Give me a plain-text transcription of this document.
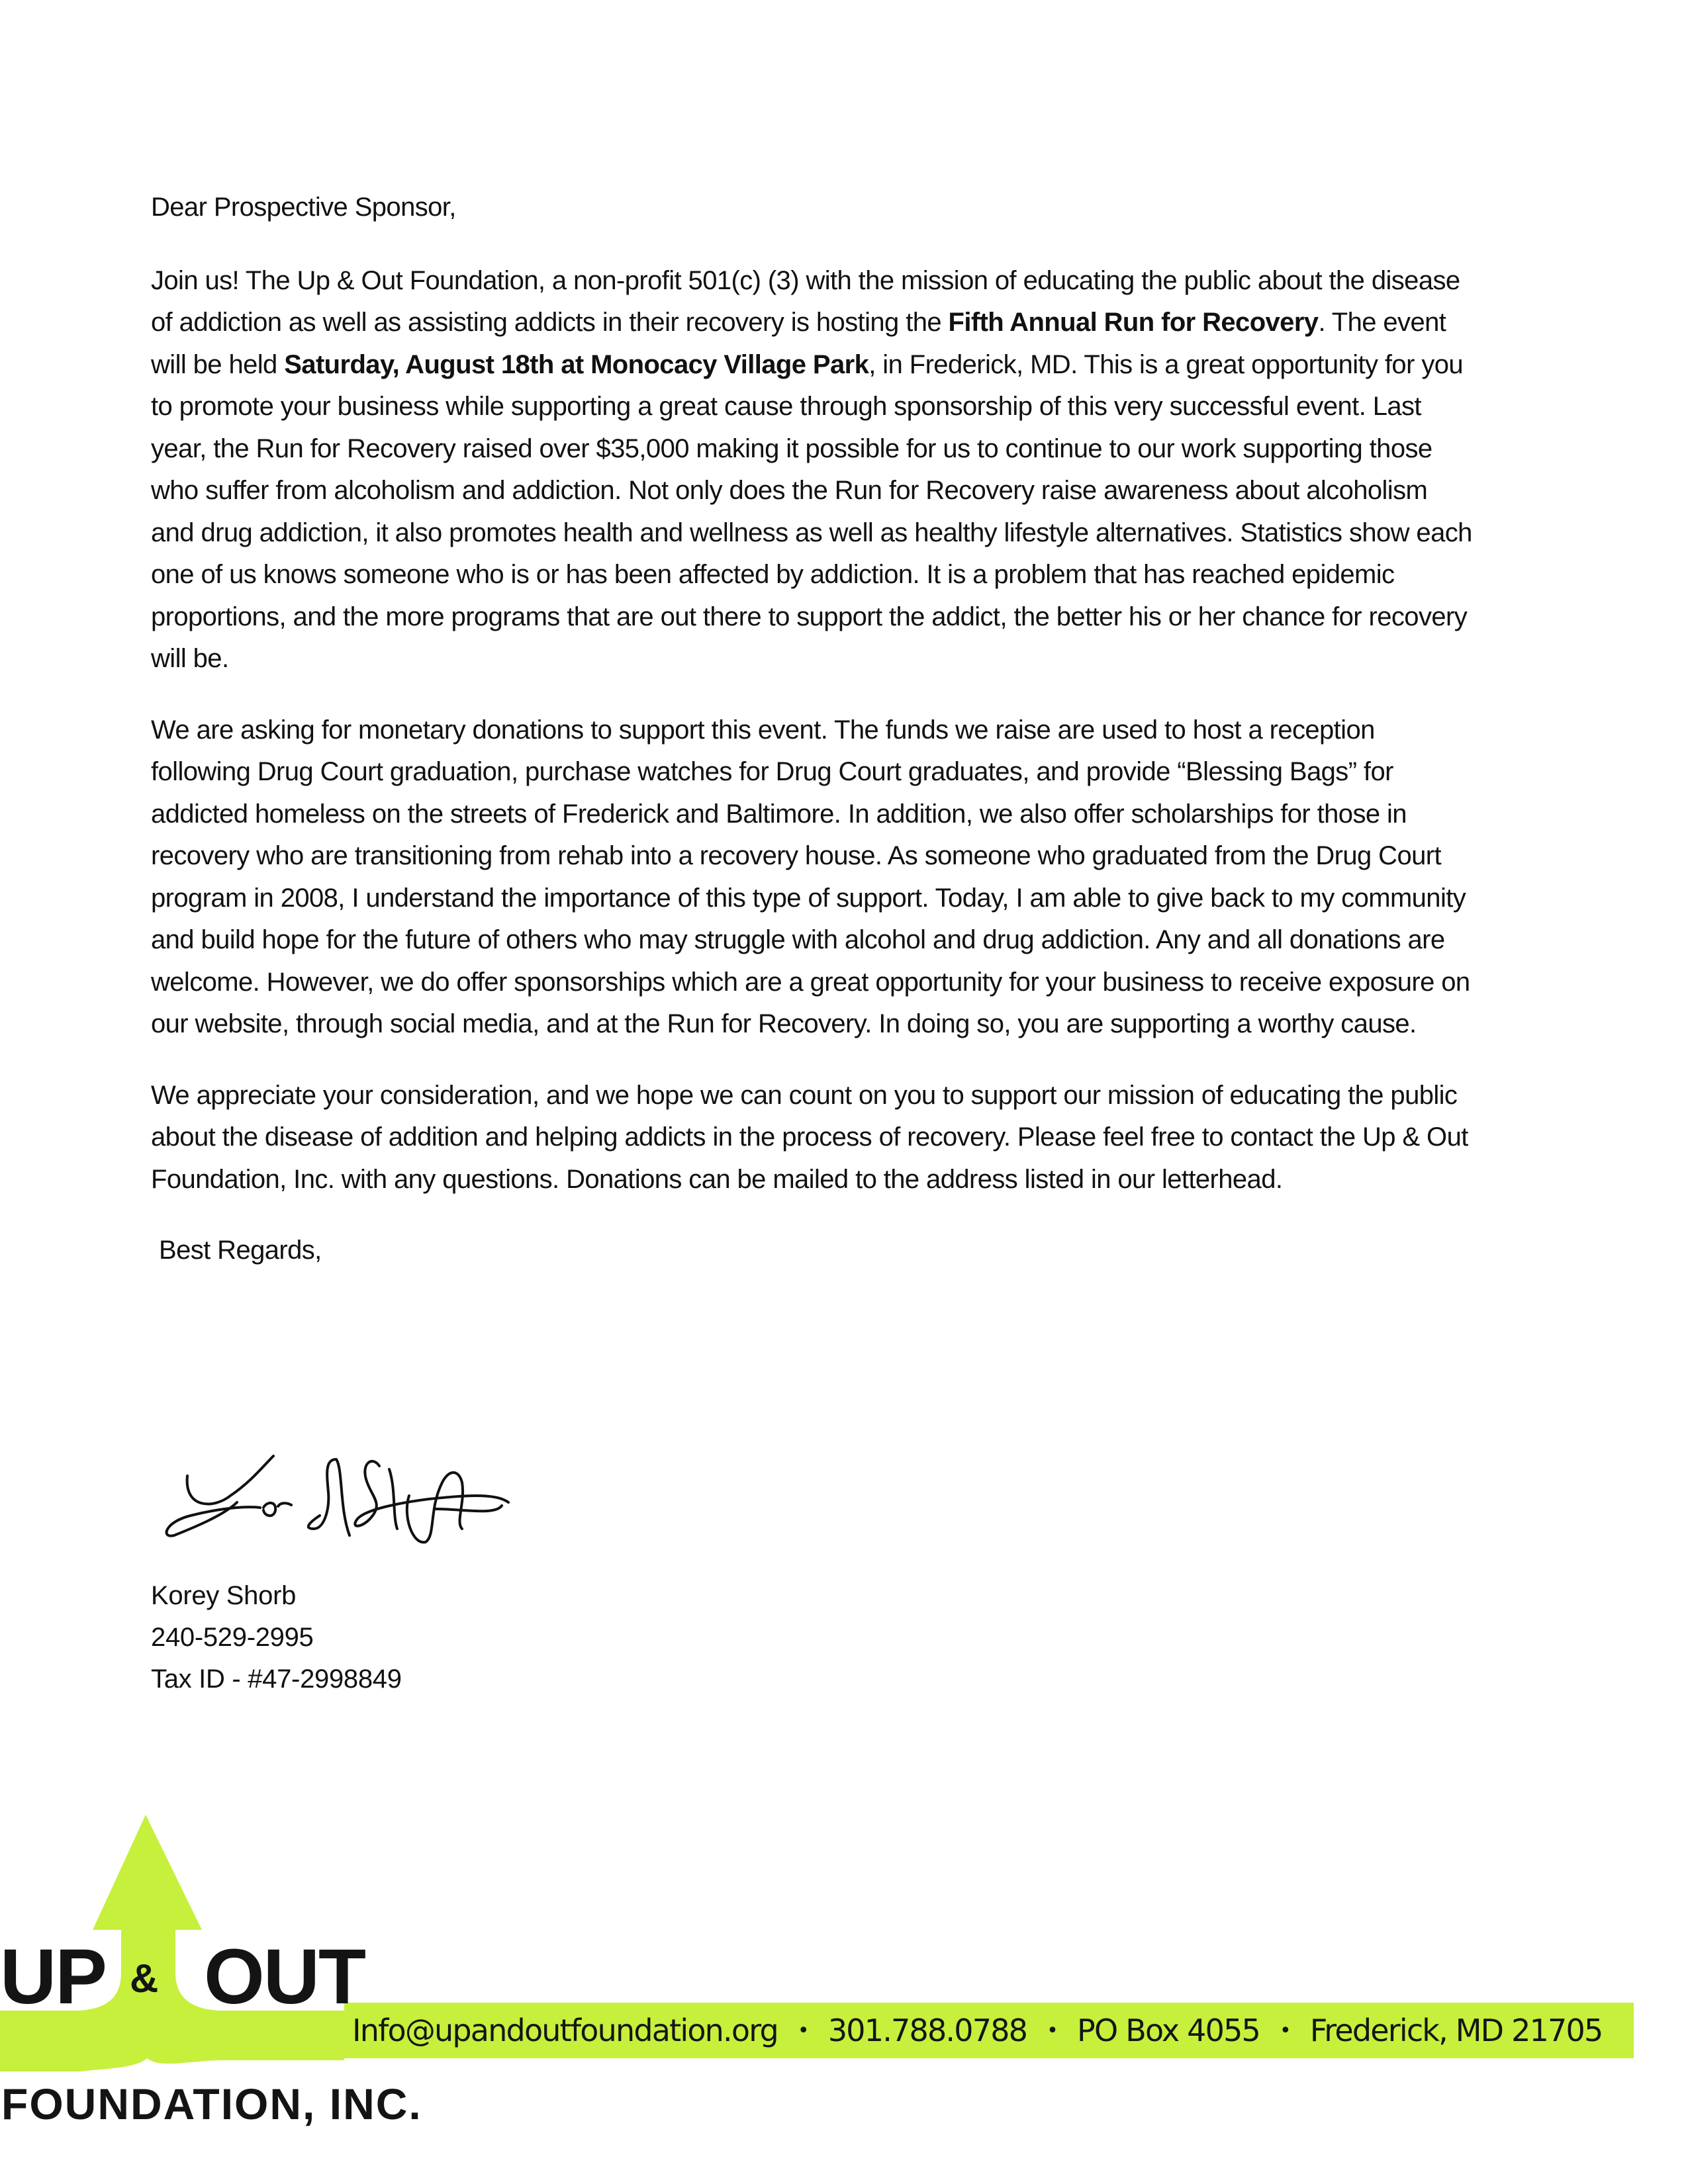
Dear Prospective Sponsor,

Join us! The Up & Out Foundation, a non-profit 501(c) (3) with the mission of educating the public about the disease of addiction as well as assisting addicts in their recovery is hosting the Fifth Annual Run for Recovery. The event will be held Saturday, August 18th at Monocacy Village Park, in Frederick, MD. This is a great opportunity for you to promote your business while supporting a great cause through sponsorship of this very successful event. Last year, the Run for Recovery raised over $35,000 making it possible for us to continue to our work supporting those who suffer from alcoholism and addiction. Not only does the Run for Recovery raise awareness about alcoholism and drug addiction, it also promotes health and wellness as well as healthy lifestyle alternatives. Statistics show each one of us knows someone who is or has been affected by addiction. It is a problem that has reached epidemic proportions, and the more programs that are out there to support the addict, the better his or her chance for recovery will be.

We are asking for monetary donations to support this event. The funds we raise are used to host a reception following Drug Court graduation, purchase watches for Drug Court graduates, and provide “Blessing Bags” for addicted homeless on the streets of Frederick and Baltimore. In addition, we also offer scholarships for those in recovery who are transitioning from rehab into a recovery house. As someone who graduated from the Drug Court program in 2008, I understand the importance of this type of support. Today, I am able to give back to my community and build hope for the future of others who may struggle with alcohol and drug addiction. Any and all donations are welcome. However, we do offer sponsorships which are a great opportunity for your business to receive exposure on our website, through social media, and at the Run for Recovery. In doing so, you are supporting a worthy cause.

We appreciate your consideration, and we hope we can count on you to support our mission of educating the public about the disease of addition and helping addicts in the process of recovery. Please feel free to contact the Up & Out Foundation, Inc. with any questions. Donations can be mailed to the address listed in our letterhead.

Best Regards,

Korey Shorb
240-529-2995
Tax ID - #47-2998849
UP & OUT
FOUNDATION, INC.
Info@upandoutfoundation.org • 301.788.0788 • PO Box 4055 • Frederick, MD 21705
